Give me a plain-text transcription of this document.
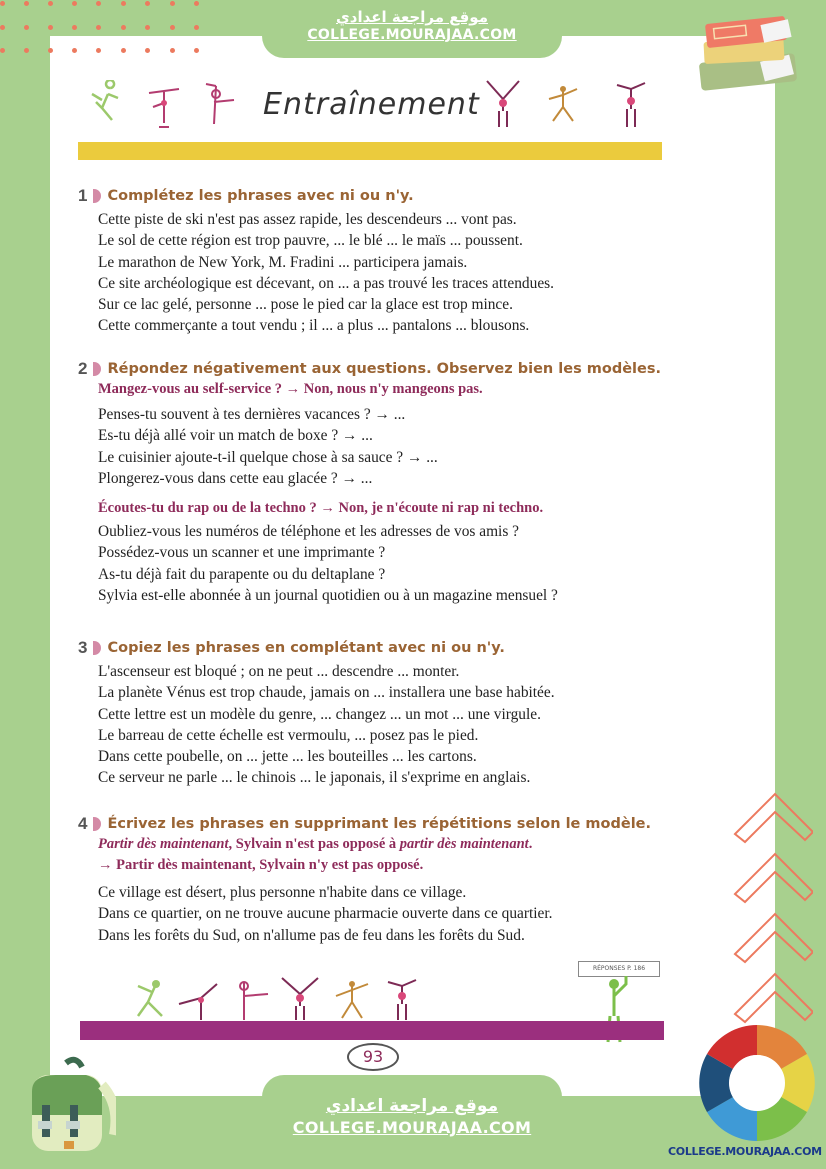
موقع مراجعة اعدادي
COLLEGE.MOURAJAA.COM
Entraînement
1 Complétez les phrases avec ni ou n'y.
Cette piste de ski n'est pas assez rapide, les descendeurs ... vont pas.
Le sol de cette région est trop pauvre, ... le blé ... le maïs ... poussent.
Le marathon de New York, M. Fradini ... participera jamais.
Ce site archéologique est décevant, on ... a pas trouvé les traces attendues.
Sur ce lac gelé, personne ... pose le pied car la glace est trop mince.
Cette commerçante a tout vendu ; il ... a plus ... pantalons ... blousons.
2 Répondez négativement aux questions. Observez bien les modèles.
Mangez-vous au self-service ? → Non, nous n'y mangeons pas.
Penses-tu souvent à tes dernières vacances ? → ...
Es-tu déjà allé voir un match de boxe ? → ...
Le cuisinier ajoute-t-il quelque chose à sa sauce ? → ...
Plongerez-vous dans cette eau glacée ? → ...
Écoutes-tu du rap ou de la techno ? → Non, je n'écoute ni rap ni techno.
Oubliez-vous les numéros de téléphone et les adresses de vos amis ?
Possédez-vous un scanner et une imprimante ?
As-tu déjà fait du parapente ou du deltaplane ?
Sylvia est-elle abonnée à un journal quotidien ou à un magazine mensuel ?
3 Copiez les phrases en complétant avec ni ou n'y.
L'ascenseur est bloqué ; on ne peut ... descendre ... monter.
La planète Vénus est trop chaude, jamais on ... installera une base habitée.
Cette lettre est un modèle du genre, ... changez ... un mot ... une virgule.
Le barreau de cette échelle est vermoulu, ... posez pas le pied.
Dans cette poubelle, on ... jette ... les bouteilles ... les cartons.
Ce serveur ne parle ... le chinois ... le japonais, il s'exprime en anglais.
4 Écrivez les phrases en supprimant les répétitions selon le modèle.
Partir dès maintenant, Sylvain n'est pas opposé à partir dès maintenant.
→ Partir dès maintenant, Sylvain n'y est pas opposé.
Ce village est désert, plus personne n'habite dans ce village.
Dans ce quartier, on ne trouve aucune pharmacie ouverte dans ce quartier.
Dans les forêts du Sud, on n'allume pas de feu dans les forêts du Sud.
RÉPONSES P. 186
93
موقع مراجعة اعدادي
COLLEGE.MOURAJAA.COM
COLLEGE.MOURAJAA.COM
